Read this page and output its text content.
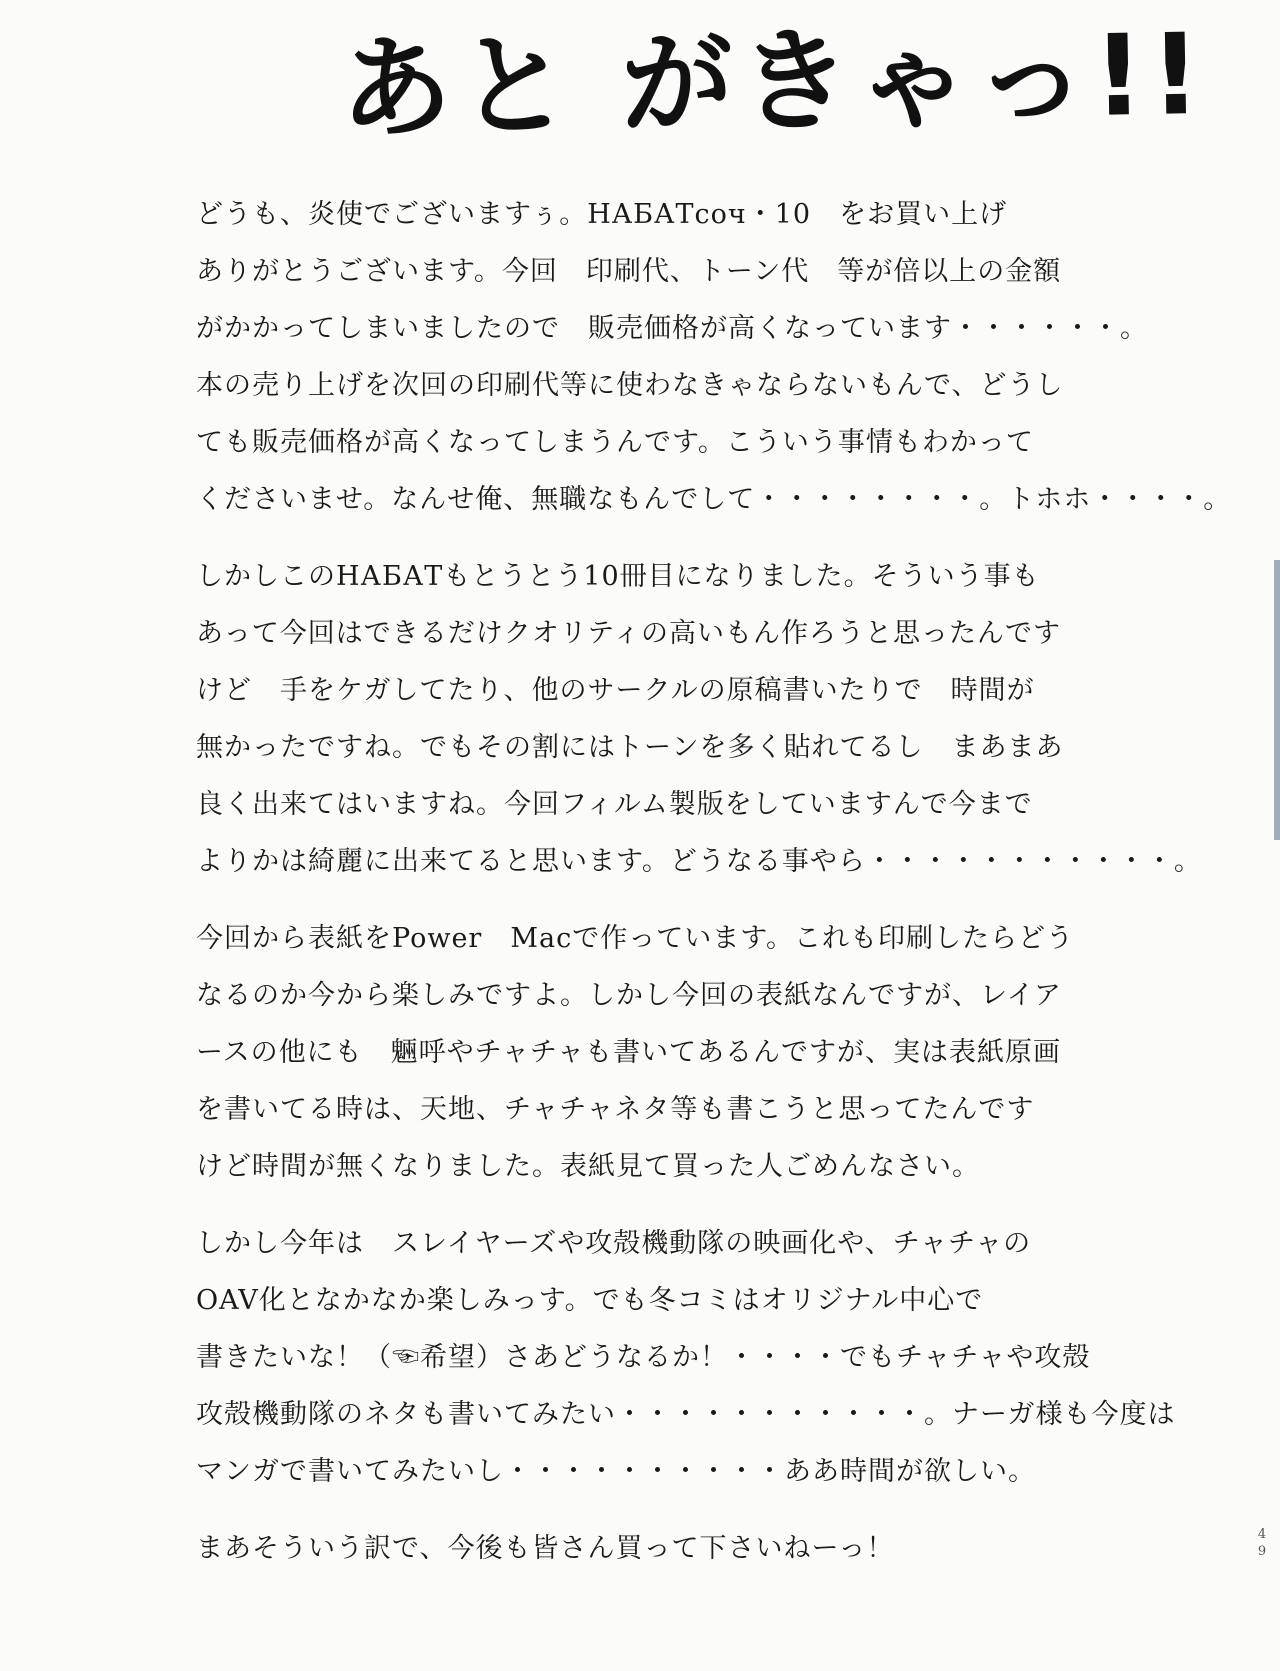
あと がきゃっ!!
どうも、炎使でございますぅ。HАБАТсоч・10　をお買い上げ
ありがとうございます。今回　印刷代、トーン代　等が倍以上の金額
がかかってしまいましたので　販売価格が高くなっています・・・・・・。
本の売り上げを次回の印刷代等に使わなきゃならないもんで、どうし
ても販売価格が高くなってしまうんです。こういう事情もわかって
くださいませ。なんせ俺、無職なもんでして・・・・・・・・。トホホ・・・・。
しかしこのHАБАТもとうとう10冊目になりました。そういう事も
あって今回はできるだけクオリティの高いもん作ろうと思ったんです
けど　手をケガしてたり、他のサークルの原稿書いたりで　時間が
無かったですね。でもその割にはトーンを多く貼れてるし　まあまあ
良く出来てはいますね。今回フィルム製版をしていますんで今まで
よりかは綺麗に出来てると思います。どうなる事やら・・・・・・・・・・・。
今回から表紙をPower　Macで作っています。これも印刷したらどう
なるのか今から楽しみですよ。しかし今回の表紙なんですが、レイア
ースの他にも　魎呼やチャチャも書いてあるんですが、実は表紙原画
を書いてる時は、天地、チャチャネタ等も書こうと思ってたんです
けど時間が無くなりました。表紙見て買った人ごめんなさい。
しかし今年は　スレイヤーズや攻殻機動隊の映画化や、チャチャの
OAV化となかなか楽しみっす。でも冬コミはオリジナル中心で
書きたいな！（☜希望）さあどうなるか！・・・・でもチャチャや攻殻
攻殻機動隊のネタも書いてみたい・・・・・・・・・・・。ナーガ様も今度は
マンガで書いてみたいし・・・・・・・・・・ああ時間が欲しい。
まあそういう訳で、今後も皆さん買って下さいねーっ！	4
9
